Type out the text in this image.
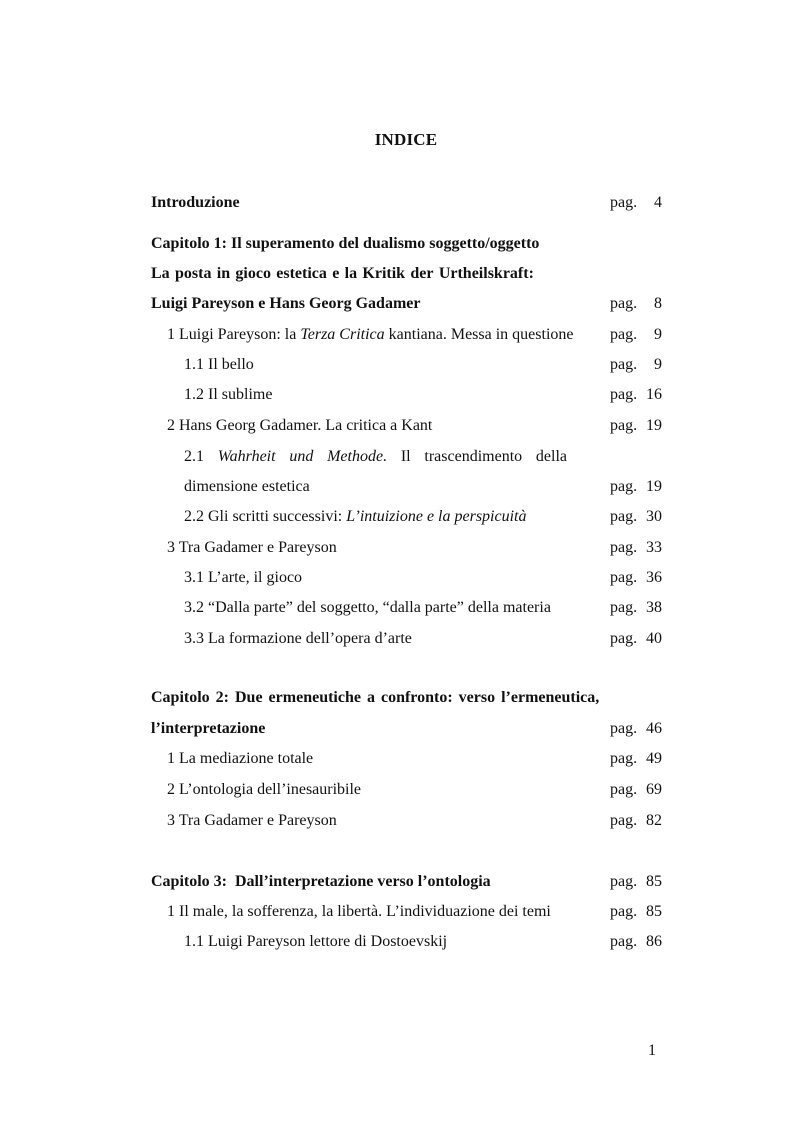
INDICE
Introduzione	pag. 4
Capitolo 1: Il superamento del dualismo soggetto/oggetto
La posta in gioco estetica e la Kritik der Urtheilskraft:
Luigi Pareyson e Hans Georg Gadamer	pag. 8
1 Luigi Pareyson: la Terza Critica kantiana. Messa in questione pag. 9
1.1 Il bello	pag. 9
1.2 Il sublime	pag. 16
2 Hans Georg Gadamer. La critica a Kant	pag. 19
2.1 Wahrheit und Methode. Il trascendimento della
dimensione estetica	pag. 19
2.2 Gli scritti successivi: L’intuizione e la perspicuità	pag. 30
3 Tra Gadamer e Pareyson	pag. 33
3.1 L’arte, il gioco	pag. 36
3.2 “Dalla parte” del soggetto, “dalla parte” della materia	pag. 38
3.3 La formazione dell’opera d’arte	pag. 40
Capitolo 2: Due ermeneutiche a confronto: verso l’ermeneutica,
l’interpretazione	pag. 46
1 La mediazione totale	pag. 49
2 L’ontologia dell’inesauribile	pag. 69
3 Tra Gadamer e Pareyson	pag. 82
Capitolo 3:  Dall’interpretazione verso l’ontologia	pag. 85
1 Il male, la sofferenza, la libertà. L’individuazione dei temi	pag. 85
1.1 Luigi Pareyson lettore di Dostoevskij	pag. 86
1
